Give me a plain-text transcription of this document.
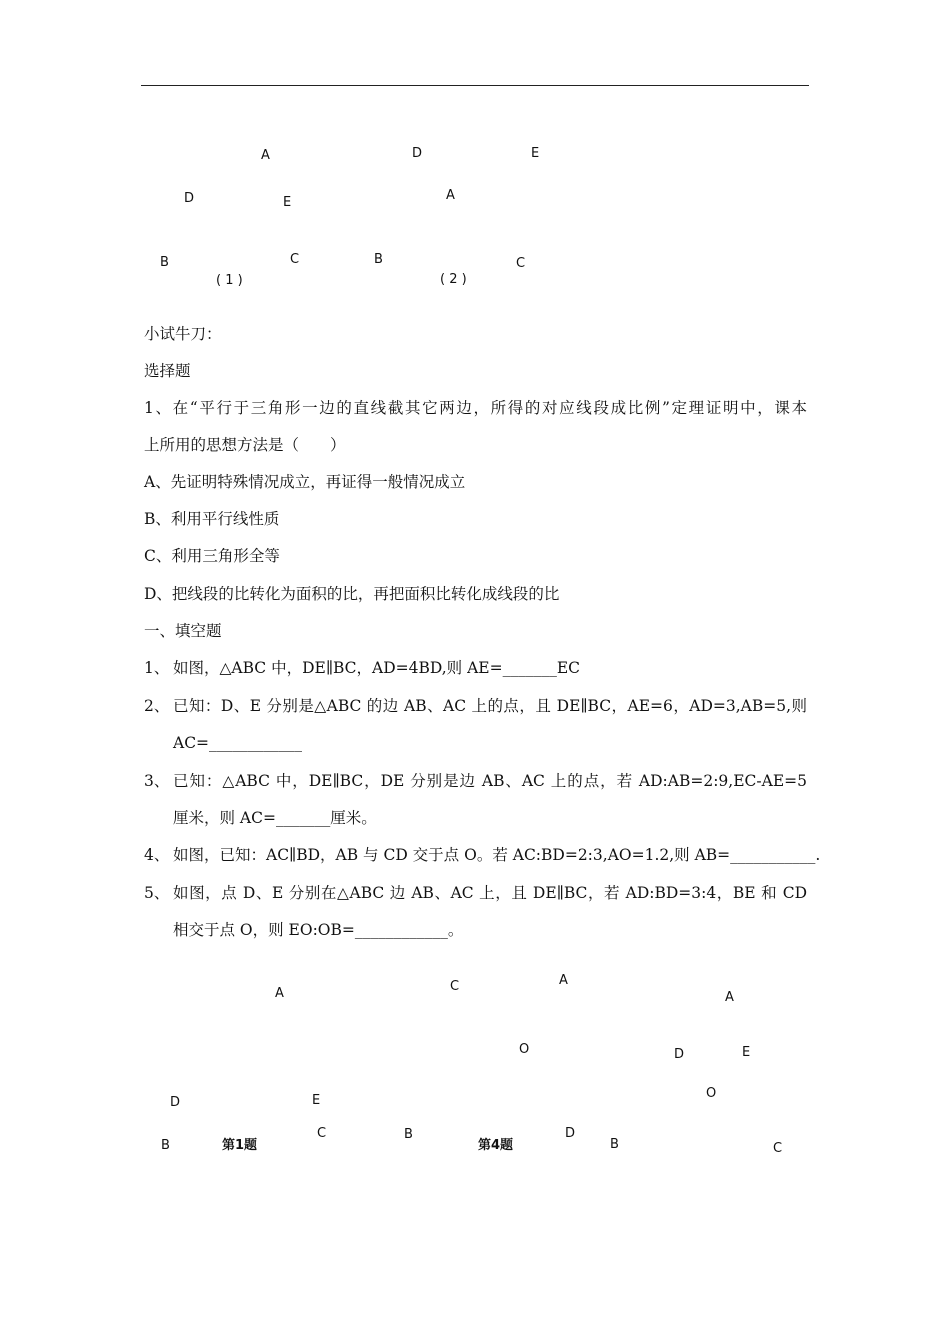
A
D	E
B	C
( 1 )
D	E
A
B	C
( 2 )
小试牛刀：
选择题
1、在“平行于三角形一边的直线截其它两边，所得的对应线段成比例”定理证明中，课本
上所用的思想方法是（　　）
A、先证明特殊情况成立，再证得一般情况成立
B、利用平行线性质
C、利用三角形全等
D、把线段的比转化为面积的比，再把面积比转化成线段的比
一、填空题
1、 如图，△ABC 中，DE∥BC，AD=4BD,则 AE=_______EC
2、 已知：D、E 分别是△ABC 的边 AB、AC 上的点，且 DE∥BC，AE=6，AD=3,AB=5,则
AC=____________
3、 已知：△ABC 中，DE∥BC，DE 分别是边 AB、AC 上的点，若 AD:AB=2:9,EC-AE=5
厘米，则 AC=_______厘米。
4、 如图，已知：AC∥BD，AB 与 CD 交于点 O。若 AC:BD=2:3,AO=1.2,则 AB=___________.
5、 如图，点 D、E 分别在△ABC 边 AB、AC 上，且 DE∥BC，若 AD:BD=3:4，BE 和 CD
相交于点 O，则 EO:OB=____________。
A
D	E
B
C
第1题
C	A
O
B	D
第4题
A
D	E
O
B	C
